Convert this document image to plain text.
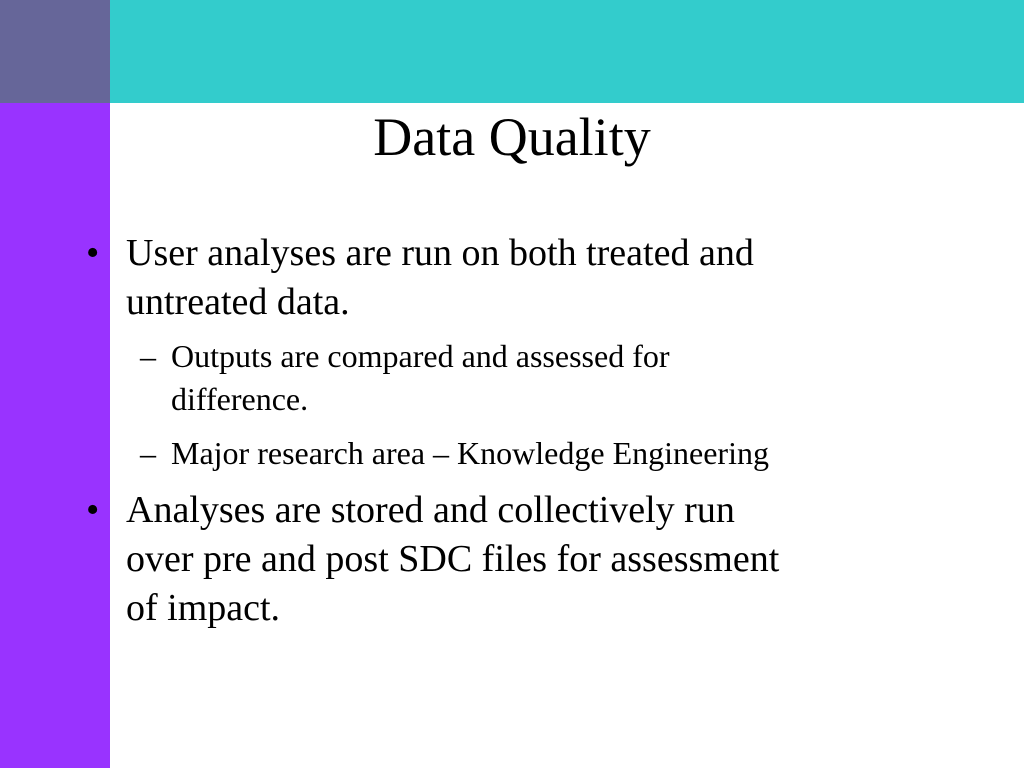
Data Quality
• User analyses are run on both treated and
untreated data.
– Outputs are compared and assessed for
difference.
– Major research area – Knowledge Engineering
• Analyses are stored and collectively run
over pre and post SDC files for assessment
of impact.
